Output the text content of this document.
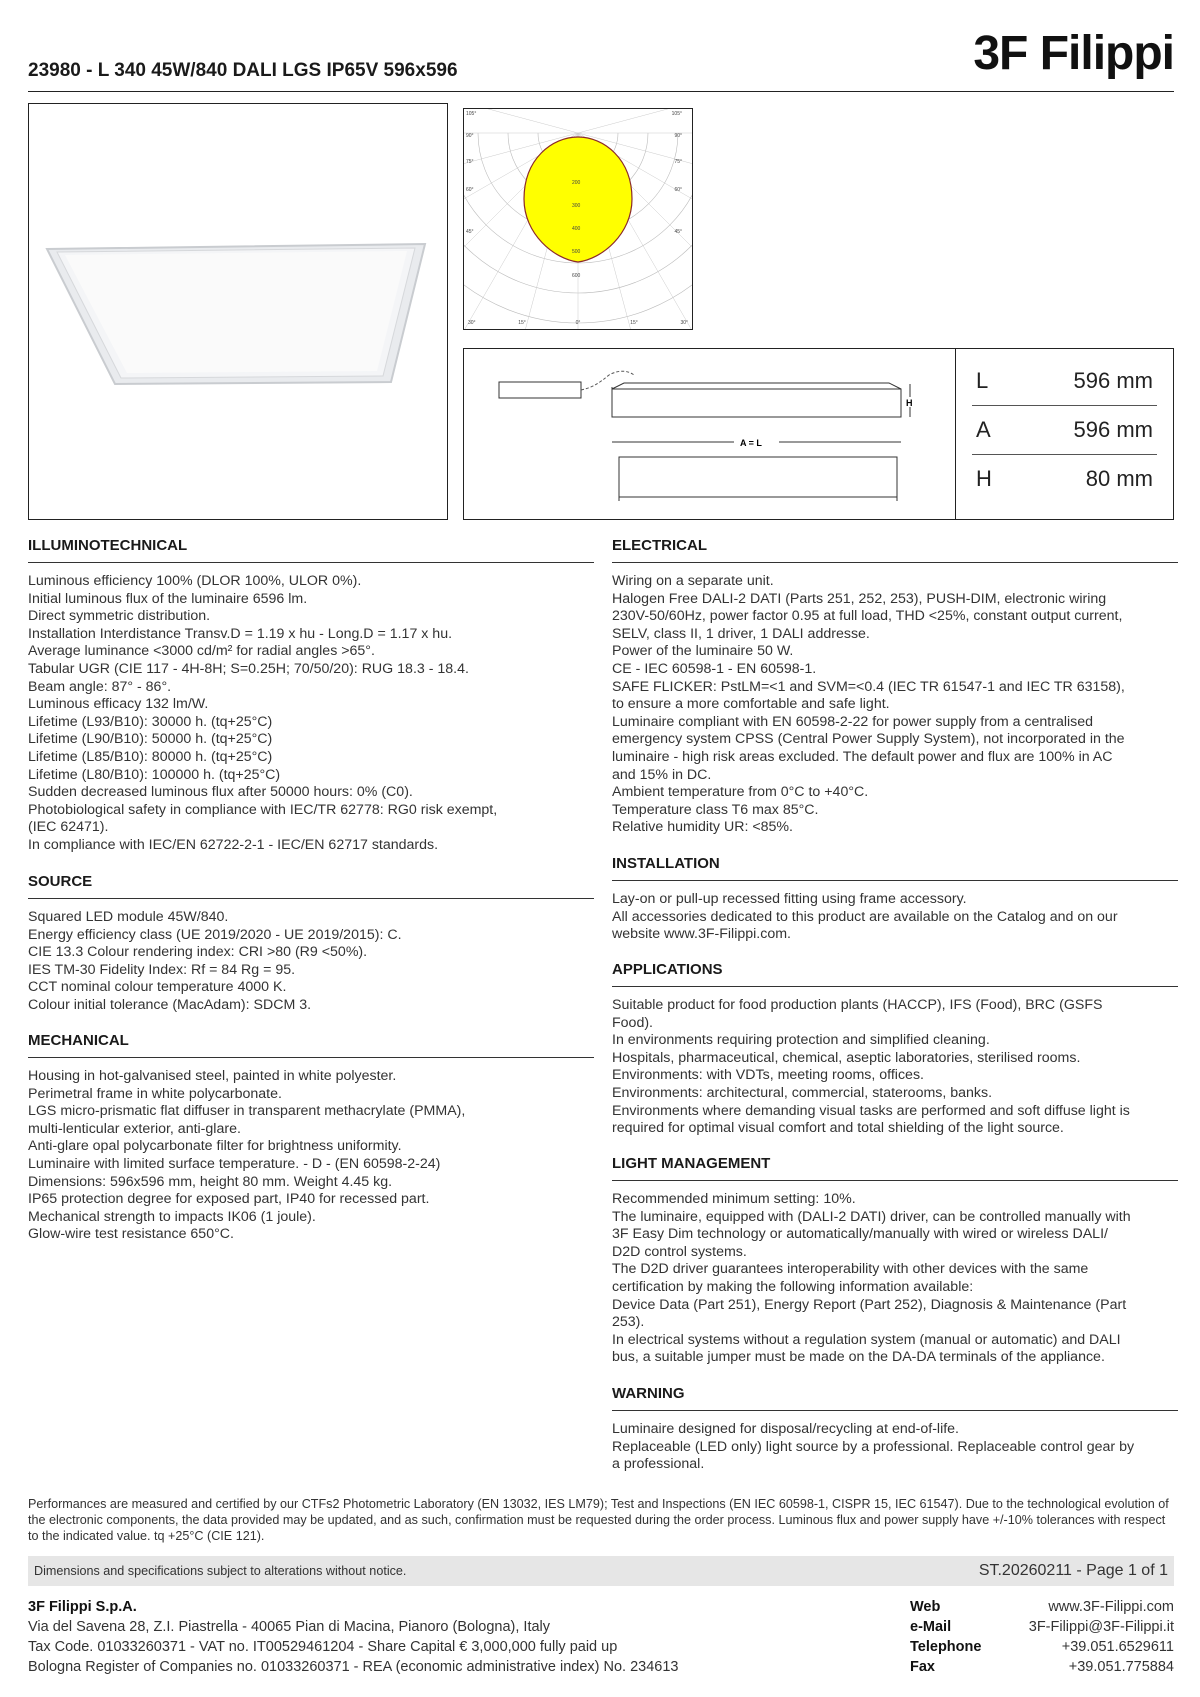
23980 - L 340 45W/840 DALI LGS IP65V 596x596	3F Filippi
200
300
400
500
600
105°
90°
75°
60°
45°
105°
90°
75°
60°
45°
30°	15°	0°	15°	30°
H
A = L
L	596 mm
A	596 mm
H	80 mm
ILLUMINOTECHNICAL
Luminous efficiency 100% (DLOR 100%, ULOR 0%).
Initial luminous flux of the luminaire 6596 lm.
Direct symmetric distribution.
Installation Interdistance Transv.D = 1.19 x hu - Long.D = 1.17 x hu.
Average luminance <3000 cd/m² for radial angles >65°.
Tabular UGR (CIE 117 - 4H-8H; S=0.25H; 70/50/20): RUG 18.3 - 18.4.
Beam angle: 87° - 86°.
Luminous efficacy 132 lm/W.
Lifetime (L93/B10): 30000 h. (tq+25°C)
Lifetime (L90/B10): 50000 h. (tq+25°C)
Lifetime (L85/B10): 80000 h. (tq+25°C)
Lifetime (L80/B10): 100000 h. (tq+25°C)
Sudden decreased luminous flux after 50000 hours: 0% (C0).
Photobiological safety in compliance with IEC/TR 62778: RG0 risk exempt,
(IEC 62471).
In compliance with IEC/EN 62722-2-1 - IEC/EN 62717 standards.
SOURCE
Squared LED module 45W/840.
Energy efficiency class (UE 2019/2020 - UE 2019/2015): C.
CIE 13.3 Colour rendering index: CRI >80 (R9 <50%).
IES TM-30 Fidelity Index: Rf = 84 Rg = 95.
CCT nominal colour temperature 4000 K.
Colour initial tolerance (MacAdam): SDCM 3.
MECHANICAL
Housing in hot-galvanised steel, painted in white polyester.
Perimetral frame in white polycarbonate.
LGS micro-prismatic flat diffuser in transparent methacrylate (PMMA),
multi-lenticular exterior, anti-glare.
Anti-glare opal polycarbonate filter for brightness uniformity.
Luminaire with limited surface temperature. - D - (EN 60598-2-24)
Dimensions: 596x596 mm, height 80 mm. Weight 4.45 kg.
IP65 protection degree for exposed part, IP40 for recessed part.
Mechanical strength to impacts IK06 (1 joule).
Glow-wire test resistance 650°C.
ELECTRICAL
Wiring on a separate unit.
Halogen Free DALI-2 DATI (Parts 251, 252, 253), PUSH-DIM, electronic wiring
230V-50/60Hz, power factor 0.95 at full load, THD <25%, constant output current,
SELV, class II, 1 driver, 1 DALI addresse.
Power of the luminaire 50 W.
CE - IEC 60598-1 - EN 60598-1.
SAFE FLICKER: PstLM=<1 and SVM=<0.4 (IEC TR 61547-1 and IEC TR 63158),
to ensure a more comfortable and safe light.
Luminaire compliant with EN 60598-2-22 for power supply from a centralised
emergency system CPSS (Central Power Supply System), not incorporated in the
luminaire - high risk areas excluded. The default power and flux are 100% in AC
and 15% in DC.
Ambient temperature from 0°C to +40°C.
Temperature class T6 max 85°C.
Relative humidity UR: <85%.
INSTALLATION
Lay-on or pull-up recessed fitting using frame accessory.
All accessories dedicated to this product are available on the Catalog and on our
website www.3F-Filippi.com.
APPLICATIONS
Suitable product for food production plants (HACCP), IFS (Food), BRC (GSFS
Food).
In environments requiring protection and simplified cleaning.
Hospitals, pharmaceutical, chemical, aseptic laboratories, sterilised rooms.
Environments: with VDTs, meeting rooms, offices.
Environments: architectural, commercial, staterooms, banks.
Environments where demanding visual tasks are performed and soft diffuse light is
required for optimal visual comfort and total shielding of the light source.
LIGHT MANAGEMENT
Recommended minimum setting: 10%.
The luminaire, equipped with (DALI-2 DATI) driver, can be controlled manually with
3F Easy Dim technology or automatically/manually with wired or wireless DALI/
D2D control systems.
The D2D driver guarantees interoperability with other devices with the same
certification by making the following information available:
Device Data (Part 251), Energy Report (Part 252), Diagnosis & Maintenance (Part
253).
In electrical systems without a regulation system (manual or automatic) and DALI
bus, a suitable jumper must be made on the DA-DA terminals of the appliance.
WARNING
Luminaire designed for disposal/recycling at end-of-life.
Replaceable (LED only) light source by a professional. Replaceable control gear by
a professional.
Performances are measured and certified by our CTFs2 Photometric Laboratory (EN 13032, IES LM79); Test and Inspections (EN IEC 60598-1, CISPR 15, IEC 61547). Due to the technological evolution of the electronic components, the data provided may be updated, and as such, confirmation must be requested during the order process. Luminous flux and power supply have +/-10% tolerances with respect to the indicated value. tq +25°C (CIE 121).
Dimensions and specifications subject to alterations without notice.	ST.20260211 - Page 1 of 1
3F Filippi S.p.A.
Via del Savena 28, Z.I. Piastrella - 40065 Pian di Macina, Pianoro (Bologna), Italy
Tax Code. 01033260371 - VAT no. IT00529461204 - Share Capital € 3,000,000 fully paid up
Bologna Register of Companies no. 01033260371 - REA (economic administrative index) No. 234613
Web	www.3F-Filippi.com
e-Mail	3F-Filippi@3F-Filippi.it
Telephone	+39.051.6529611
Fax	+39.051.775884
